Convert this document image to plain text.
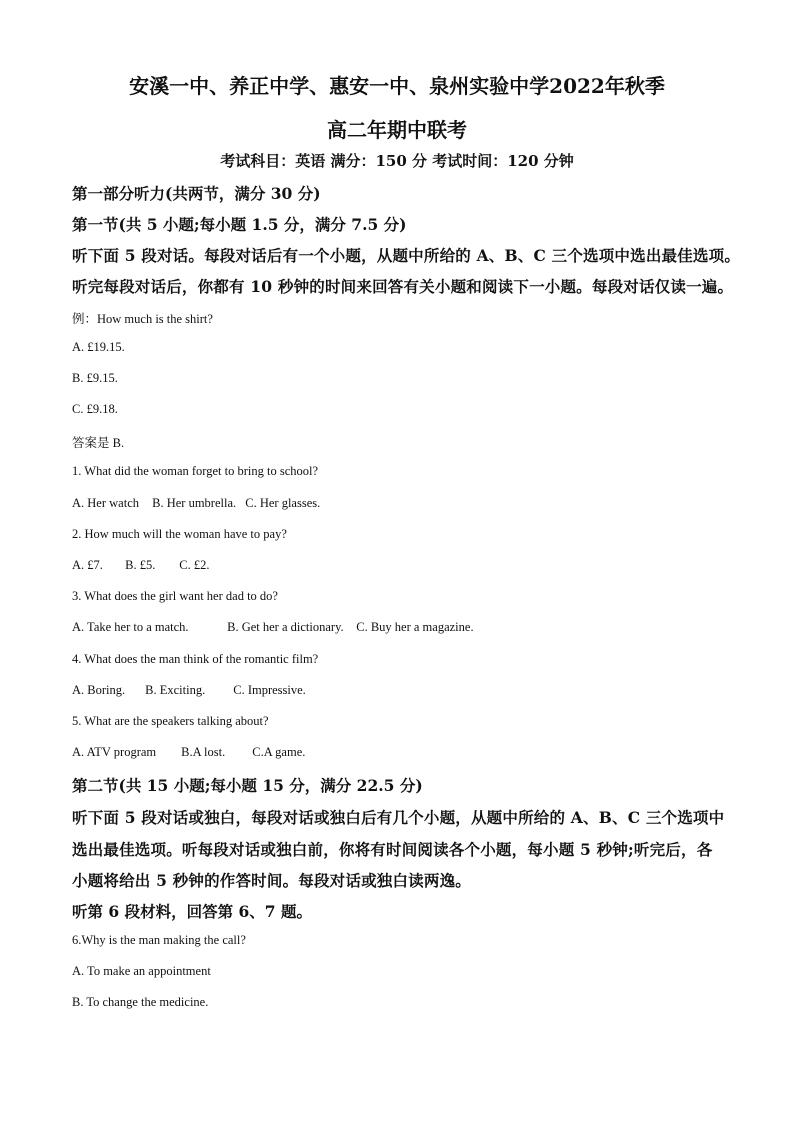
安溪一中、养正中学、惠安一中、泉州实验中学2022年秋季
高二年期中联考
考试科目：英语 满分：150 分 考试时间：120 分钟
第一部分听力(共两节，满分 30 分)
第一节(共 5 小题;每小题 1.5 分，满分 7.5 分)
听下面 5 段对话。每段对话后有一个小题，从题中所给的 A、B、C 三个选项中选出最佳选项。
听完每段对话后，你都有 10 秒钟的时间来回答有关小题和阅读下一小题。每段对话仅读一遍。
例：How much is the shirt?
A. £19.15.
B. £9.15.
C. £9.18.
答案是 B.
1. What did the woman forget to bring to school?
A. Her watch B. Her umbrella. C. Her glasses.
2. How much will the woman have to pay?
A. £7. B. £5. C. £2.
3. What does the girl want her dad to do?
A. Take her to a match.	B. Get her a dictionary. C. Buy her a magazine.
4. What does the man think of the romantic film?
A. Boring. B. Exciting. C. Impressive.
5. What are the speakers talking about?
A. ATV program B.A lost. C.A game.
第二节(共 15 小题;每小题 15 分，满分 22.5 分)
听下面 5 段对话或独白，每段对话或独白后有几个小题，从题中所给的 A、B、C 三个选项中
选出最佳选项。听每段对话或独白前，你将有时间阅读各个小题，每小题 5 秒钟;听完后，各
小题将给出 5 秒钟的作答时间。每段对话或独白读两逸。
听第 6 段材料，回答第 6、7 题。
6.Why is the man making the call?
A. To make an appointment
B. To change the medicine.
